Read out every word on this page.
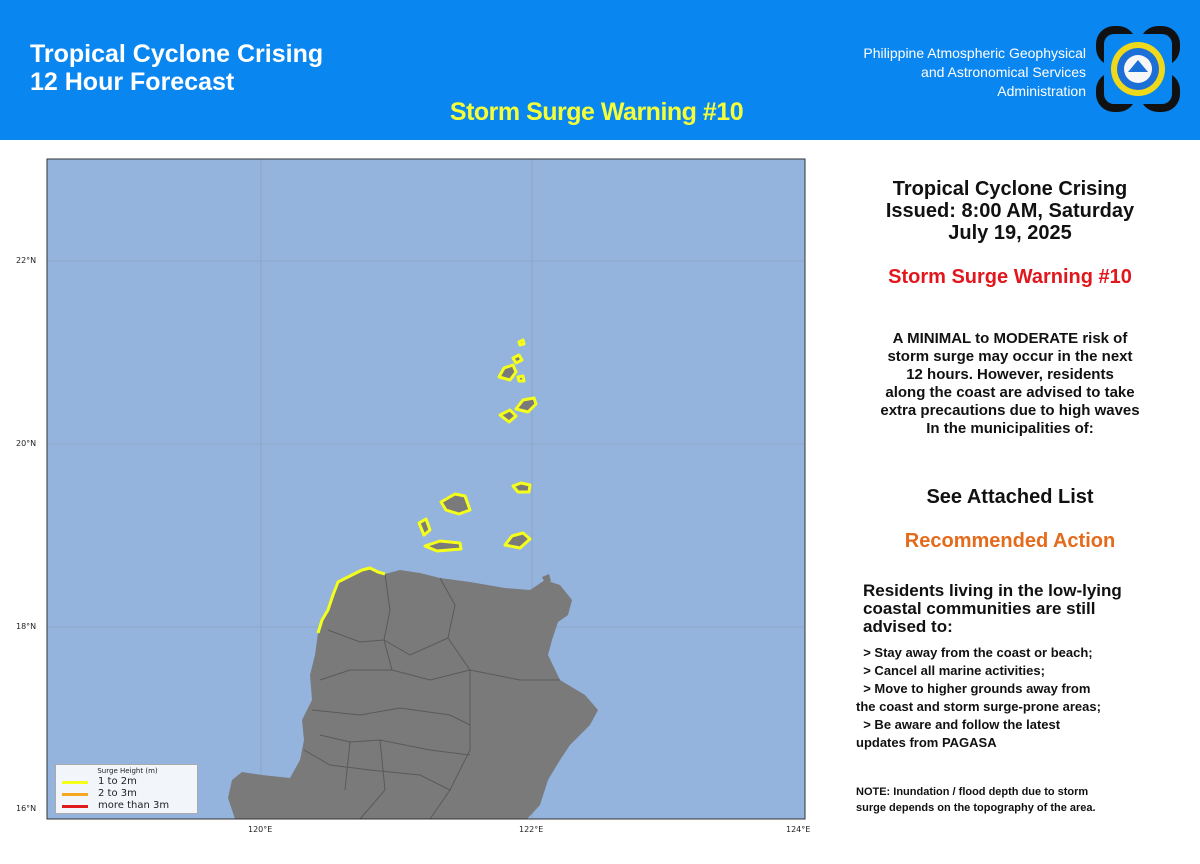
Tropical Cyclone Crising
12 Hour Forecast
Storm Surge Warning #10
Philippine Atmospheric Geophysical
and Astronomical Services
Administration
22°N
20°N
18°N
16°N
120°E	122°E	124°E
Surge Height (m)
1 to 2m
2 to 3m
more than 3m
Tropical Cyclone Crising
Issued: 8:00 AM, Saturday
July 19, 2025
Storm Surge Warning #10
A MINIMAL to MODERATE risk of
storm surge may occur in the next
12 hours. However, residents
along the coast are advised to take
extra precautions due to high waves
In the municipalities of:
See Attached List
Recommended Action
Residents living in the low-lying
coastal communities are still
advised to:
> Stay away from the coast or beach;
> Cancel all marine activities;
> Move to higher grounds away from
the coast and storm surge-prone areas;
> Be aware and follow the latest
updates from PAGASA
NOTE: Inundation / flood depth due to storm
surge depends on the topography of the area.
